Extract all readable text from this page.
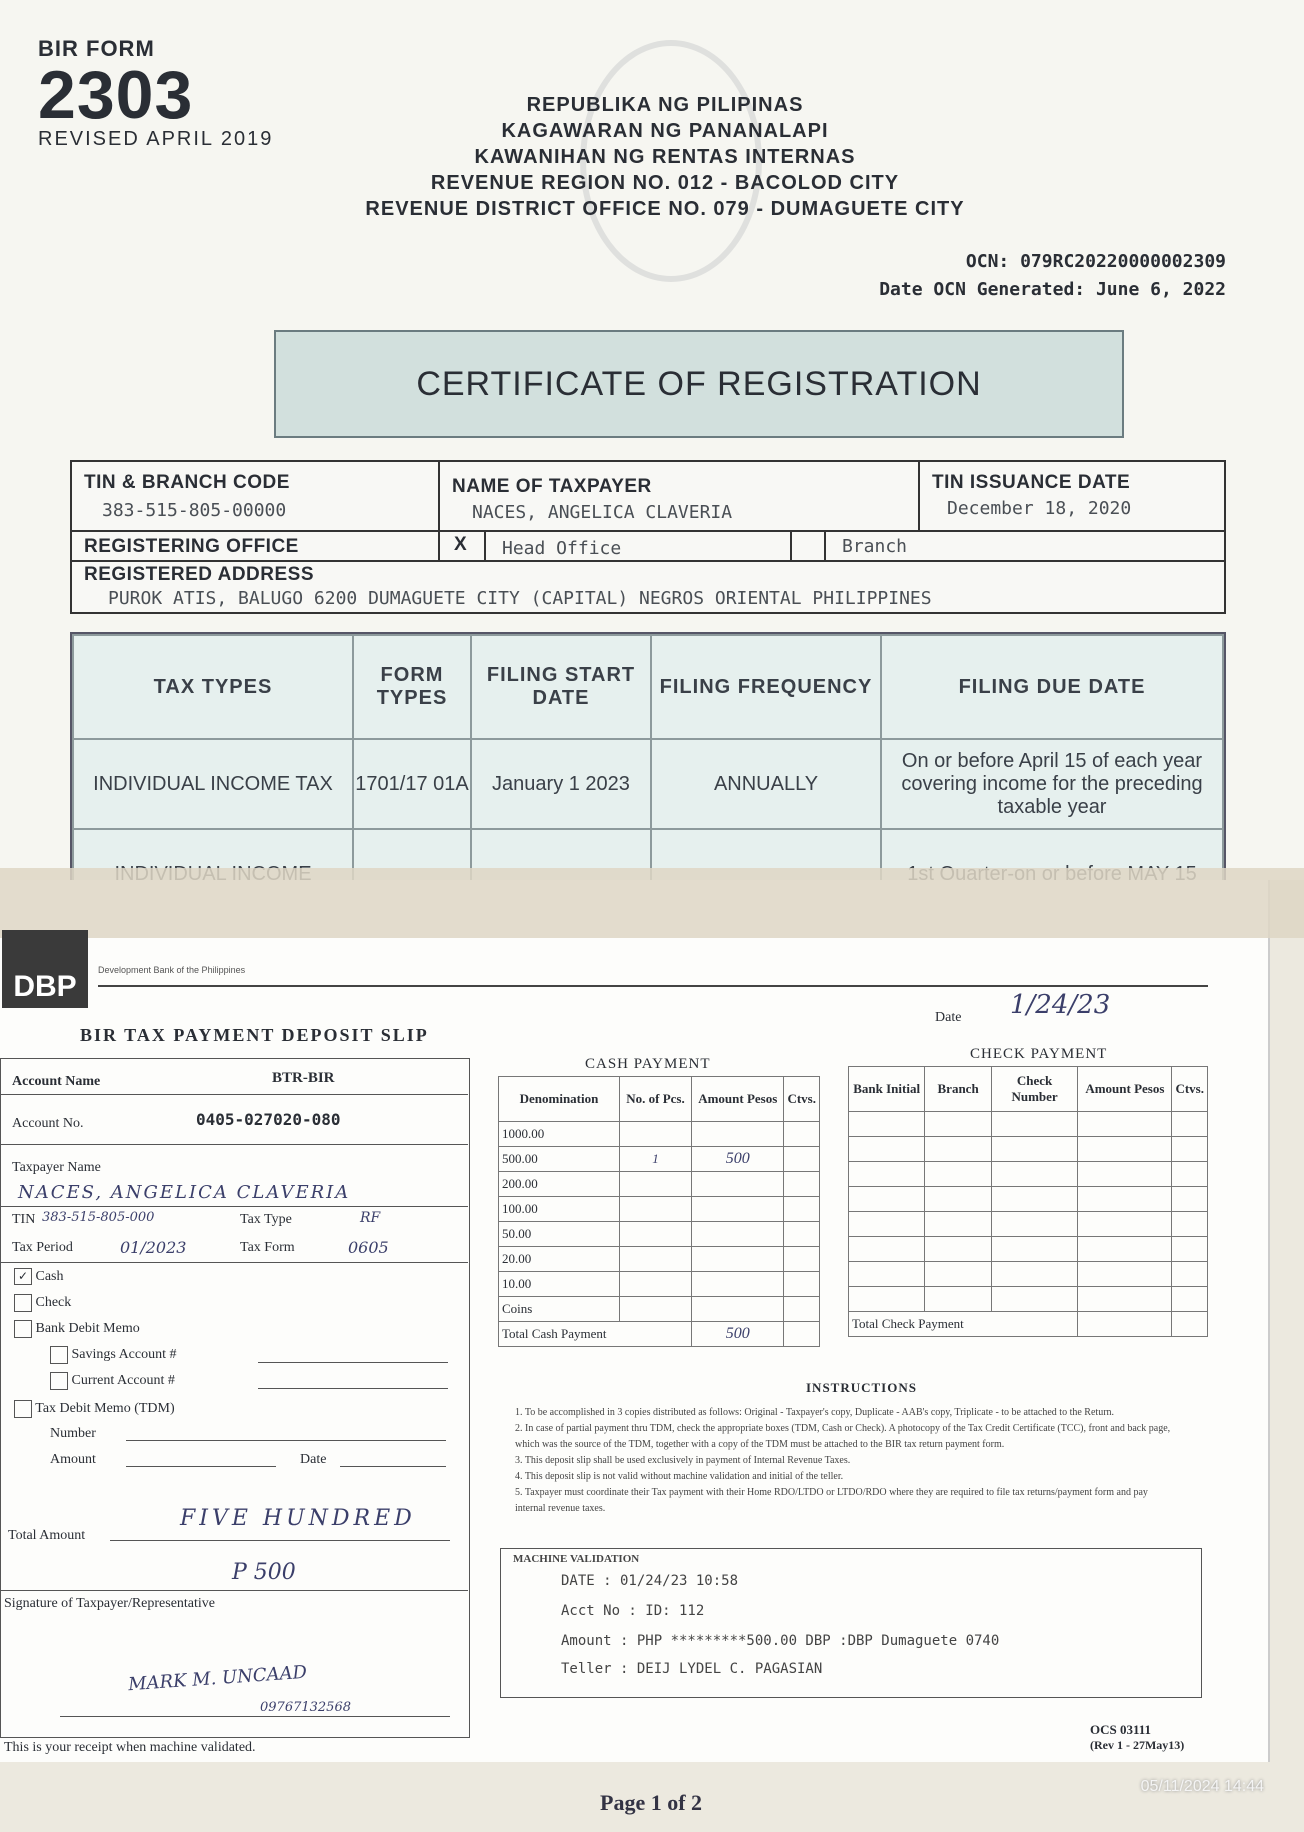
BIR FORM
2303
REVISED APRIL 2019
REPUBLIKA NG PILIPINAS
KAGAWARAN NG PANANALAPI
KAWANIHAN NG RENTAS INTERNAS
REVENUE REGION NO. 012 - BACOLOD CITY
REVENUE DISTRICT OFFICE NO. 079 - DUMAGUETE CITY
OCN: 079RC20220000002309
Date OCN Generated: June 6, 2022
CERTIFICATE OF REGISTRATION
TIN & BRANCH CODE
383-515-805-00000
NAME OF TAXPAYER
NACES, ANGELICA CLAVERIA
TIN ISSUANCE DATE
December 18, 2020
REGISTERING OFFICE	X Head Office	Branch
REGISTERED ADDRESS
PUROK ATIS, BALUGO 6200 DUMAGUETE CITY (CAPITAL) NEGROS ORIENTAL PHILIPPINES
TAX TYPES	FORM TYPES	FILING START DATE	FILING FREQUENCY	FILING DUE DATE
INDIVIDUAL INCOME TAX	1701/17 01A	January 1 2023	ANNUALLY	On or before April 15 of each year covering income for the preceding taxable year

DBP	Development Bank of the Philippines
BIR TAX PAYMENT DEPOSIT SLIP
Date 1/24/23
Account Name	BTR-BIR
Account No.	0405-027020-080
Taxpayer Name
NACES, ANGELICA CLAVERIA
TIN 383-515-805-000	Tax Type	RF
Tax Period	01/2023	Tax Form	0605
✓ Cash
Check
Bank Debit Memo
Savings Account #
Current Account #
Tax Debit Memo (TDM)
Number
Amount	Date
Total Amount
FIVE HUNDRED
P 500
Signature of Taxpayer/Representative
MARK M. UNCAAD
09767132568
This is your receipt when machine validated.
CASH PAYMENT
Denomination	No. of Pcs.	Amount Pesos	Ctvs.
1000.00			
500.00	1	500	
200.00			
100.00			
50.00			
20.00			
10.00			
Coins			
Total Cash Payment		500	
CHECK PAYMENT
Bank Initial	Branch	Check Number	Amount Pesos	Ctvs.

Total Check Payment				
INSTRUCTIONS
1. To be accomplished in 3 copies distributed as follows: Original - Taxpayer's copy, Duplicate - AAB's copy, Triplicate - to be attached to the Return.
2. In case of partial payment thru TDM, check the appropriate boxes (TDM, Cash or Check). A photocopy of the Tax Credit Certificate (TCC), front and back page, which was the source of the TDM, together with a copy of the TDM must be attached to the BIR tax return payment form.
3. This deposit slip shall be used exclusively in payment of Internal Revenue Taxes.
4. This deposit slip is not valid without machine validation and initial of the teller.
5. Taxpayer must coordinate their Tax payment with their Home RDO/LTDO or LTDO/RDO where they are required to file tax returns/payment form and pay internal revenue taxes.
MACHINE VALIDATION
DATE : 01/24/23 10:58
Acct No : ID: 112
Amount : PHP *********500.00 DBP :DBP Dumaguete 0740
Teller : DEIJ LYDEL C. PAGASIAN
OCS 03111
(Rev 1 - 27May13)
Page 1 of 2
05/11/2024 14:44
